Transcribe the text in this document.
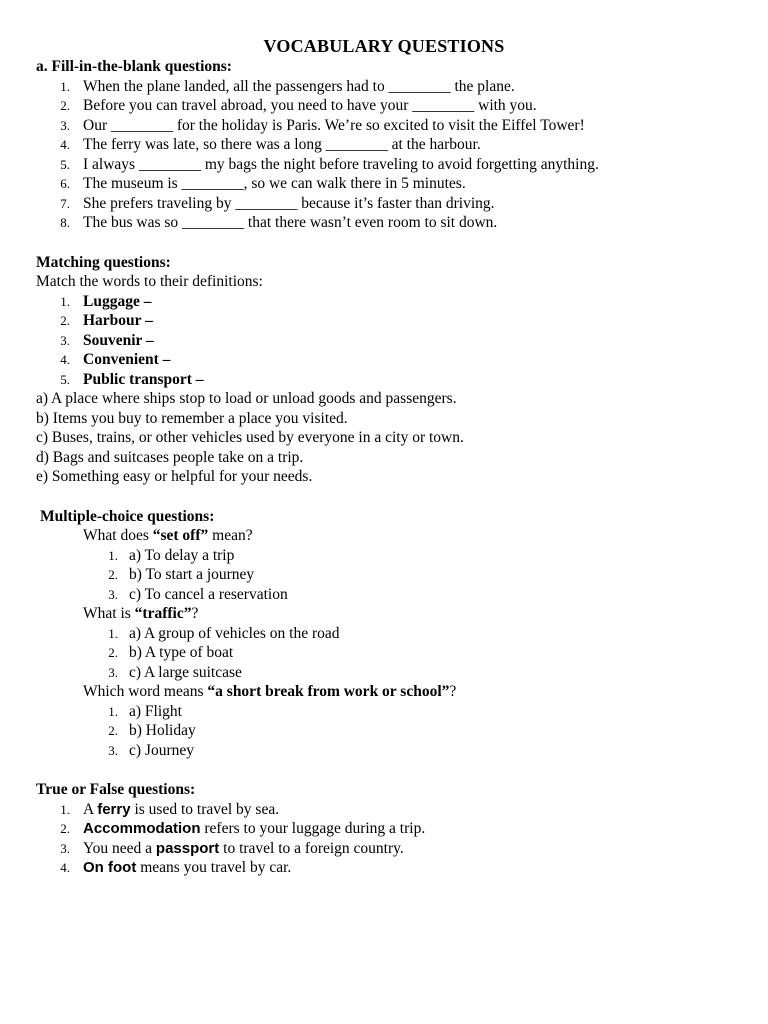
VOCABULARY QUESTIONS
a. Fill-in-the-blank questions:
1. When the plane landed, all the passengers had to ________ the plane.
2. Before you can travel abroad, you need to have your ________ with you.
3. Our ________ for the holiday is Paris. We’re so excited to visit the Eiffel Tower!
4. The ferry was late, so there was a long ________ at the harbour.
5. I always ________ my bags the night before traveling to avoid forgetting anything.
6. The museum is ________, so we can walk there in 5 minutes.
7. She prefers traveling by ________ because it’s faster than driving.
8. The bus was so ________ that there wasn’t even room to sit down.
Matching questions:
Match the words to their definitions:
1. Luggage –
2. Harbour –
3. Souvenir –
4. Convenient –
5. Public transport –
a) A place where ships stop to load or unload goods and passengers.
b) Items you buy to remember a place you visited.
c) Buses, trains, or other vehicles used by everyone in a city or town.
d) Bags and suitcases people take on a trip.
e) Something easy or helpful for your needs.
Multiple-choice questions:
What does “set off” mean?
1. a) To delay a trip
2. b) To start a journey
3. c) To cancel a reservation
What is “traffic”?
1. a) A group of vehicles on the road
2. b) A type of boat
3. c) A large suitcase
Which word means “a short break from work or school”?
1. a) Flight
2. b) Holiday
3. c) Journey
True or False questions:
1. A ferry is used to travel by sea.
2. Accommodation refers to your luggage during a trip.
3. You need a passport to travel to a foreign country.
4. On foot means you travel by car.
